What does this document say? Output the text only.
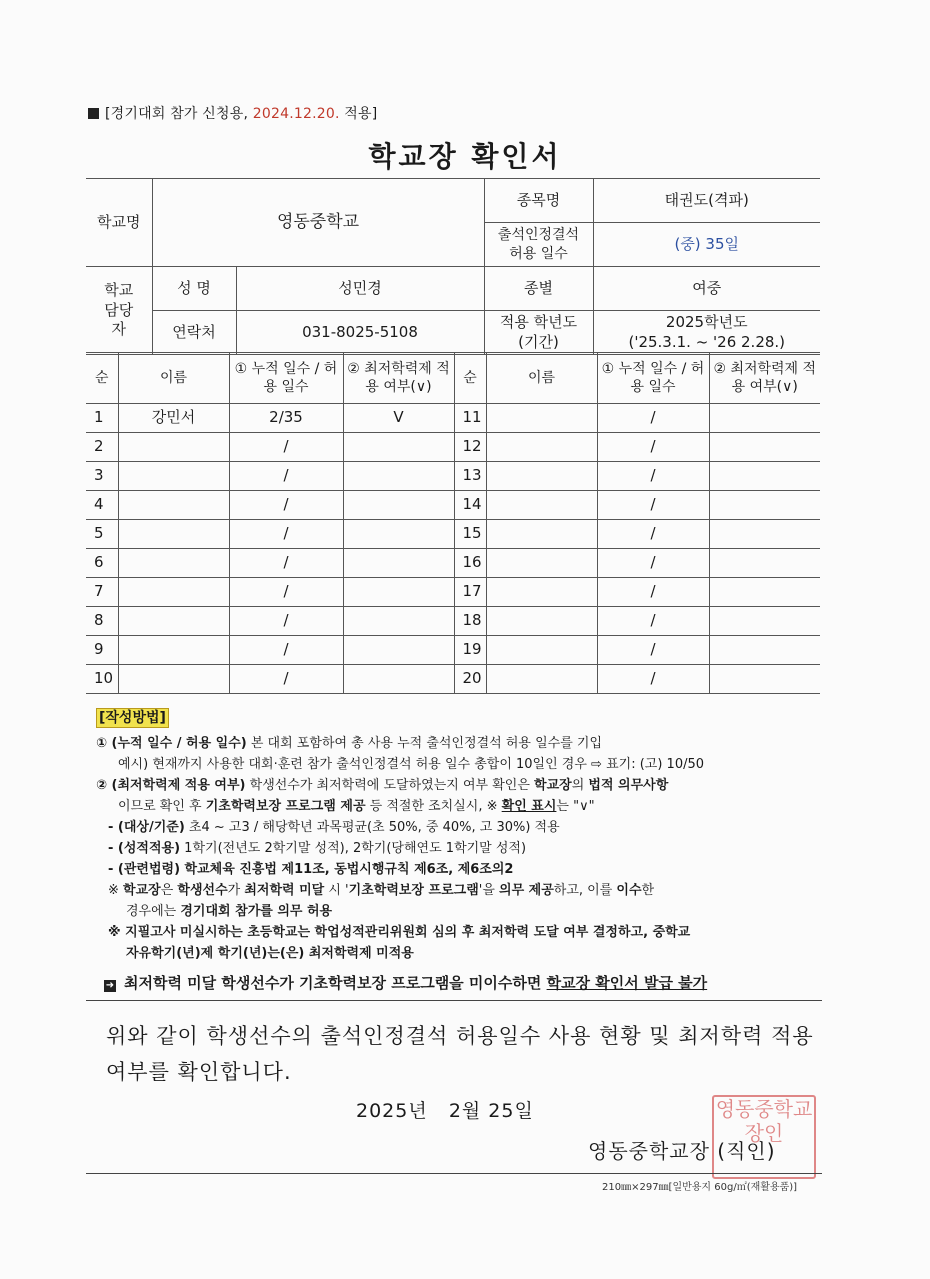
[경기대회 참가 신청용, 2024.12.20. 적용]
학교장 확인서
학교명	영동중학교		종목명	태권도(격파)
			출석인정결석 허용 일수	(중) 35일
학교 담당자	성 명	성민경	종별	여중
	연락처	031-8025-5108	적용 학년도 (기간)	2025학년도
('25.3.1. ~ '26 2.28.)
순	이름	① 누적 일수 / 허용 일수	② 최저학력제 적용 여부(∨)	순	이름	① 누적 일수 / 허용 일수	② 최저학력제 적용 여부(∨)
1	강민서	2/35	V	11		/	
2		/		12		/	
3		/		13		/	
4		/		14		/	
5		/		15		/	
6		/		16		/	
7		/		17		/	
8		/		18		/	
9		/		19		/	
10		/		20		/	

[작성방법]

① (누적 일수 / 허용 일수) 본 대회 포함하여 총 사용 누적 출석인정결석 허용 일수를 기입

예시) 현재까지 사용한 대회·훈련 참가 출석인정결석 허용 일수 총합이 10일인 경우 ⇨ 표기: (고) 10/50

② (최저학력제 적용 여부) 학생선수가 최저학력에 도달하였는지 여부 확인은 학교장의 법적 의무사항

이므로 확인 후 기초학력보장 프로그램 제공 등 적절한 조치실시, ※ 확인 표시는 "∨"

- (대상/기준) 초4 ~ 고3 / 해당학년 과목평균(초 50%, 중 40%, 고 30%) 적용

- (성적적용) 1학기(전년도 2학기말 성적), 2학기(당해연도 1학기말 성적)

- (관련법령) 학교체육 진흥법 제11조, 동법시행규칙 제6조, 제6조의2

※ 학교장은 학생선수가 최저학력 미달 시 '기초학력보장 프로그램'을 의무 제공하고, 이를 이수한

경우에는 경기대회 참가를 의무 허용

※ 지필고사 미실시하는 초등학교는 학업성적관리위원회 심의 후 최저학력 도달 여부 결정하고, 중학교

자유학기(년)제 학기(년)는(은) 최저학력제 미적용

➜ 최저학력 미달 학생선수가 기초학력보장 프로그램을 미이수하면 학교장 확인서 발급 불가
위와 같이 학생선수의 출석인정결석 허용일수 사용 현황 및 최저학력 적용 여부를 확인합니다.
2025년   2월 25일
영동중학교장 (직인)
영동중학교장인
210㎜×297㎜[일반용지 60g/㎡(재활용품)]
